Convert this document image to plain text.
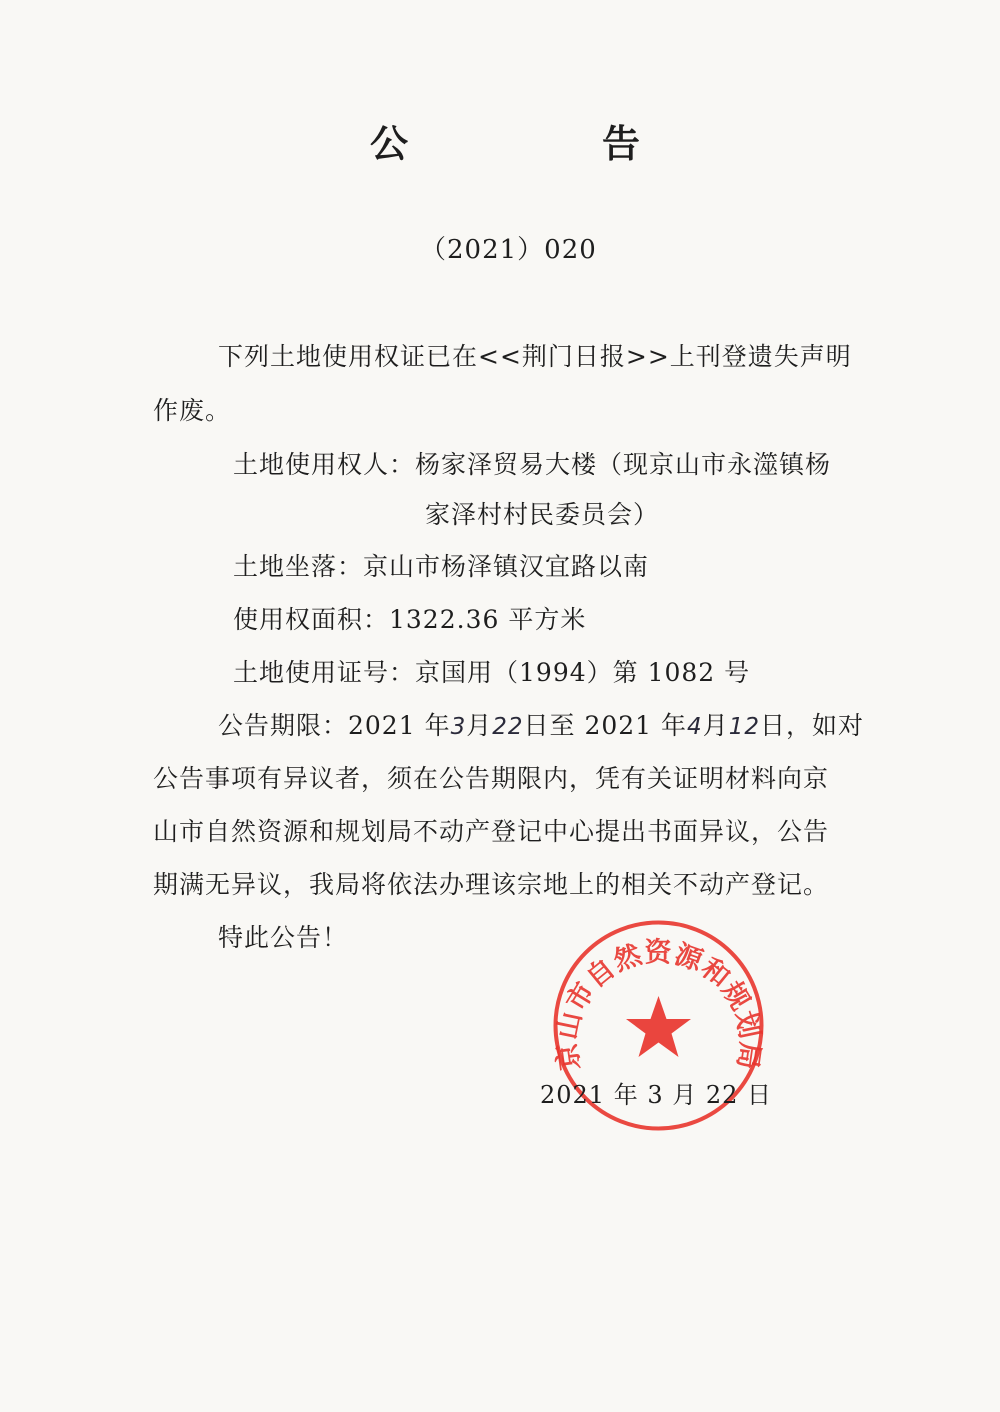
公	告
（2021）020
下列土地使用权证已在<<荆门日报>>上刊登遗失声明
作废。
土地使用权人：杨家泽贸易大楼（现京山市永澨镇杨
家泽村村民委员会）
土地坐落：京山市杨泽镇汉宜路以南
使用权面积：1322.36 平方米
土地使用证号：京国用（1994）第 1082 号
公告期限：2021 年3月22日至 2021 年4月12日，如对
公告事项有异议者，须在公告期限内，凭有关证明材料向京
山市自然资源和规划局不动产登记中心提出书面异议，公告
期满无异议，我局将依法办理该宗地上的相关不动产登记。
特此公告！
京山市自然资源和规划局
2021 年 3 月 22 日
